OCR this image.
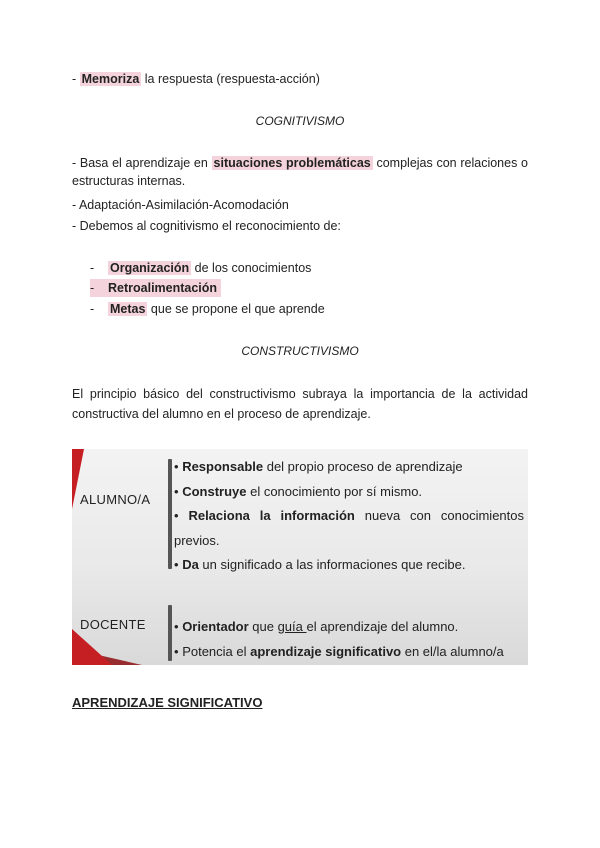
- Memoriza la respuesta (respuesta-acción)
COGNITIVISMO
- Basa el aprendizaje en situaciones problemáticas complejas con relaciones o estructuras internas.
- Adaptación-Asimilación-Acomodación
- Debemos al cognitivismo el reconocimiento de:
- Organización de los conocimientos
- Retroalimentación
- Metas que se propone el que aprende
CONSTRUCTIVISMO
El principio básico del constructivismo subraya la importancia de la actividad constructiva del alumno en el proceso de aprendizaje.
ALUMNO/A

• Responsable del propio proceso de aprendizaje

• Construye el conocimiento por sí mismo.

• Relaciona la información nueva con conocimientos previos.

• Da un significado a las informaciones que recibe.

DOCENTE • Orientador que guía el aprendizaje del alumno.

• Potencia el aprendizaje significativo en el/la alumno/a

APRENDIZAJE SIGNIFICATIVO
